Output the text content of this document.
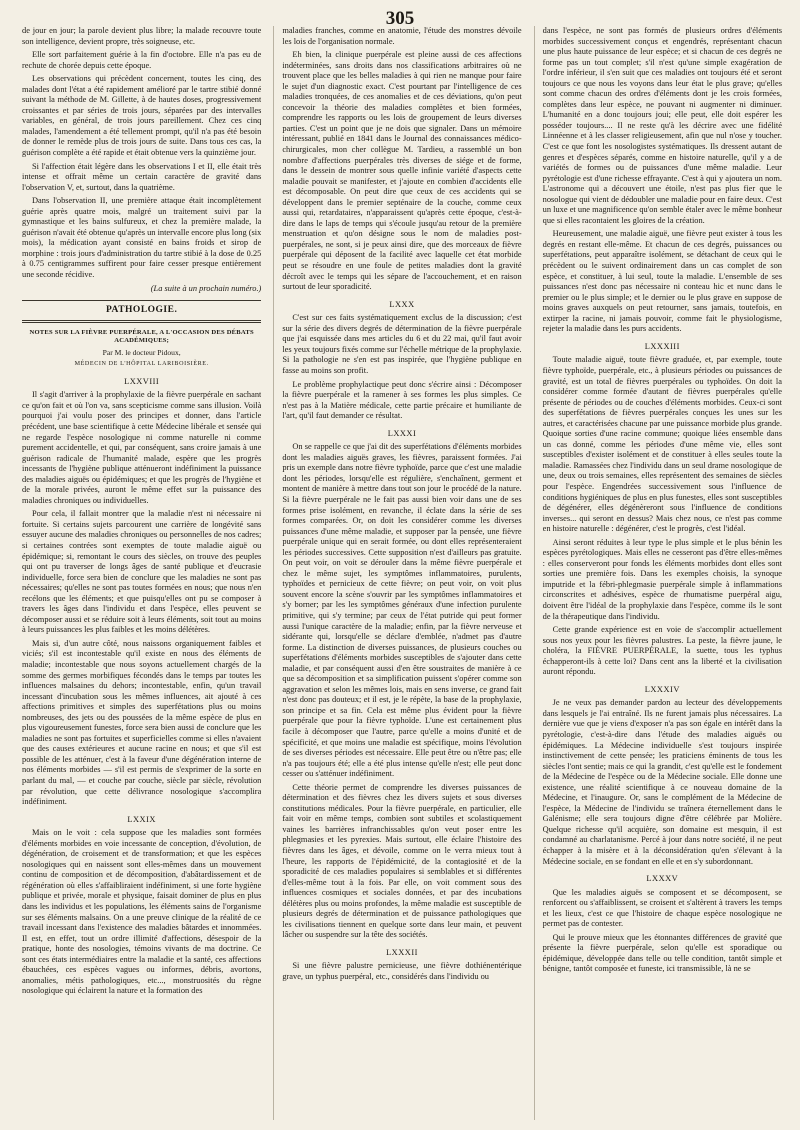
305

de jour en jour; la parole devient plus libre; la malade recouvre toute son intelligence, devient propre, très soigneuse, etc.

Elle sort parfaitement guérie à la fin d'octobre. Elle n'a pas eu de rechute de chorée depuis cette époque.

Les observations qui précèdent concernent, toutes les cinq, des malades dont l'état a été rapidement amélioré par le tartre stibié donné suivant la méthode de M. Gillette, à de hautes doses, progressivement croissantes et par séries de trois jours, séparées par des intervalles variables, en général, de trois jours pareillement. Chez ces cinq malades, l'amendement a été tellement prompt, qu'il n'a pas été besoin de donner le remède plus de trois jours de suite. Dans tous ces cas, la guérison complète a été rapide et était obtenue vers la quinzième jour.

Si l'affection était légère dans les observations I et II, elle était très intense et offrait même un certain caractère de gravité dans l'observation V, et, surtout, dans la quatrième.

Dans l'observation II, une première attaque était incomplètement guérie après quatre mois, malgré un traitement suivi par la gymnastique et les bains sulfureux, et chez la première malade, la guérison n'avait été obtenue qu'après un intervalle encore plus long (six mois), la médication ayant consisté en bains froids et sirop de morphine : trois jours d'administration du tartre stibié à la dose de 0.25 à 0.75 centigrammes suffirent pour faire cesser presque entièrement une seconde récidive.

(La suite à un prochain numéro.)

PATHOLOGIE.
NOTES SUR LA FIÈVRE PUERPÉRALE, A L'OCCASION DES DÉBATS ACADÉMIQUES;
Par M. le docteur Pidoux,
MÉDECIN DE L'HÔPITAL LARIBOISIÈRE.
LXXVIII

Il s'agit d'arriver à la prophylaxie de la fièvre puerpérale en sachant ce qu'on fait et où l'on va, sans scepticisme comme sans illusion. Voilà pourquoi j'ai voulu poser des principes et donner, dans l'article précédent, une base scientifique à cette Médecine libérale et sensée qui ne regarde l'espèce nosologique ni comme naturelle ni comme purement accidentelle, et qui, par conséquent, sans croire jamais à une guérison radicale de l'humanité malade, espère que les progrès incessants de l'hygiène publique atténueront indéfiniment la puissance des maladies aiguës ou épidémiques; et que les progrès de l'hygiène et de la morale privées, auront le même effet sur la puissance des maladies chroniques ou individuelles.

Pour cela, il fallait montrer que la maladie n'est ni nécessaire ni fortuite. Si certains sujets parcourent une carrière de longévité sans essuyer aucune des maladies chroniques ou personnelles de nos cadres; si certaines contrées sont exemptes de toute maladie aiguë ou épidémique; si, remontant le cours des siècles, on trouve des peuples qui ont pu traverser de longs âges de santé publique et d'eucrasie individuelle, force sera bien de conclure que les maladies ne sont pas nécessaires; qu'elles ne sont pas toutes formées en nous; que nous n'en recélons que les éléments; et que puisqu'elles ont pu se composer à travers les âges dans l'individu et dans l'espèce, elles peuvent se décomposer aussi et se réduire soit à leurs éléments, soit tout au moins à leurs puissances les plus faibles et les moins délétères.

Mais si, d'un autre côté, nous naissons organiquement faibles et viciés; s'il est incontestable qu'il existe en nous des éléments de maladie; incontestable que nous soyons actuellement chargés de la somme des germes morbifiques fécondés dans le temps par toutes les influences malsaines du dehors; incontestable, enfin, qu'un travail incessant d'incubation sous les mêmes influences, ait ajouté à ces affections primitives et simples des superfétations plus ou moins nombreuses, des jets ou des poussées de la même espèce de plus en plus vigoureusement funestes, force sera bien aussi de conclure que les maladies ne sont pas fortuites et superficielles comme si elles n'avaient que des causes extérieures et aucune racine en nous; et que s'il est possible de les atténuer, c'est à la faveur d'une dégénération interne de nos éléments morbides — s'il est permis de s'exprimer de la sorte en parlant du mal, — et couche par couche, siècle par siècle, révolution par révolution, que cette délivrance nosologique s'accomplira indéfiniment.

LXXIX

Mais on le voit : cela suppose que les maladies sont formées d'éléments morbides en voie incessante de conception, d'évolution, de dégénération, de croisement et de transformation; et que les espèces nosologiques qui en naissent sont elles-mêmes dans un mouvement continu de composition et de décomposition, d'abâtardissement et de régénération où elles s'affaibliraient indéfiniment, si une forte hygiène publique et privée, morale et physique, faisait dominer de plus en plus dans les individus et les populations, les éléments sains de l'organisme sur ses éléments malsains. On a une preuve clinique de la réalité de ce travail incessant dans l'existence des maladies bâtardes et innommées. Il est, en effet, tout un ordre illimité d'affections, désespoir de la pratique, honte des nosologies, témoins vivants de ma doctrine. Ce sont ces états intermédiaires entre la maladie et la santé, ces affections ébauchées, ces espèces vagues ou informes, débris, avortons, anomalies, métis pathologiques, etc..., monstruosités du règne nosologique qui éclairent la nature et la formation des

maladies franches, comme en anatomie, l'étude des monstres dévoile les lois de l'organisation normale.

Eh bien, la clinique puerpérale est pleine aussi de ces affections indéterminées, sans droits dans nos classifications arbitraires où ne trouvent place que les belles maladies à qui rien ne manque pour faire le sujet d'un diagnostic exact. C'est pourtant par l'intelligence de ces maladies tronquées, de ces anomalies et de ces déviations, qu'on peut concevoir la théorie des maladies complètes et bien formées, comprendre les rapports ou les lois de groupement de leurs diverses parties. C'est un point que je ne dois que signaler. Dans un mémoire intéressant, publié en 1841 dans le Journal des connaissances médico-chirurgicales, mon cher collègue M. Tardieu, a rassemblé un bon nombre d'affections puerpérales très diverses de siége et de forme, dans le dessein de montrer sous quelle infinie variété d'aspects cette maladie pouvait se manifester, et j'ajoute en combien d'accidents elle est décomposable. On peut dire que ceux de ces accidents qui se développent dans le premier septénaire de la couche, comme ceux aussi qui, retardataires, n'apparaissent qu'après cette époque, c'est-à-dire dans le laps de temps qui s'écoule jusqu'au retour de la première menstruation et qu'on désigne sous le nom de maladies post-puerpérales, ne sont, si je peux ainsi dire, que des morceaux de fièvre puerpérale qui déposent de la facilité avec laquelle cet état morbide peut se résoudre en une foule de petites maladies dont la gravité décroît avec le temps qui les sépare de l'accouchement, et en raison surtout de leur sporadicité.

LXXX

C'est sur ces faits systématiquement exclus de la discussion; c'est sur la série des divers degrés de détermination de la fièvre puerpérale que j'ai esquissée dans mes articles du 6 et du 22 mai, qu'il faut avoir les yeux toujours fixés comme sur l'échelle métrique de la prophylaxie. Si la pathologie ne s'en est pas inspirée, que l'hygiène publique en fasse au moins son profit.

Le problème prophylactique peut donc s'écrire ainsi : Décomposer la fièvre puerpérale et la ramener à ses formes les plus simples. Ce n'est pas à la Matière médicale, cette partie précaire et humiliante de l'art, qu'il faut demander ce résultat.

LXXXI

On se rappelle ce que j'ai dit des superfétations d'éléments morbides dont les maladies aiguës graves, les fièvres, paraissent formées. J'ai pris un exemple dans notre fièvre typhoïde, parce que c'est une maladie dont les périodes, lorsqu'elle est régulière, s'enchaînent, germent et montent de manière à mettre dans tout son jour le procédé de la nature. Si la fièvre puerpérale ne le fait pas aussi bien voir dans une de ses formes prise isolément, en revanche, il éclate dans la série de ses formes comparées. Or, on doit les considérer comme les diverses puissances d'une même maladie, et supposer par la pensée, une fièvre puerpérale unique qui en serait formée, ou dont elles représenteraient les périodes successives. Cette supposition n'est d'ailleurs pas gratuite. On peut voir, on voit se dérouler dans la même fièvre puerpérale et chez le même sujet, les symptômes inflammatoires, purulents, typhoïdes et pernicieux de cette fièvre; on peut voir, on voit plus souvent encore la scène s'ouvrir par les symptômes inflammatoires et s'y borner; par les les symptômes généraux d'une infection purulente primitive, qui s'y termine; par ceux de l'état putride qui peut former aussi l'unique caractère de la maladie; enfin, par la fièvre nerveuse et sidérante qui, lorsqu'elle se déclare d'emblée, n'admet pas d'autre forme. La distinction de diverses puissances, de plusieurs couches ou superfétations d'éléments morbides susceptibles de s'ajouter dans cette maladie, et par conséquent aussi d'en être soustraites de manière à ce que sa décomposition et sa simplification puissent s'opérer comme son aggravation et selon les mêmes lois, mais en sens inverse, ce grand fait n'est donc pas douteux; et il est, je le répète, la base de la prophylaxie, son principe et sa fin. Cela est même plus évident pour la fièvre puerpérale que pour la fièvre typhoïde. L'une est certainement plus facile à décomposer que l'autre, parce qu'elle a moins d'unité et de spécificité, et que moins une maladie est spécifique, moins l'évolution de ses diverses périodes est nécessaire. Elle peut être ou n'être pas; elle n'a pas toujours été; elle a été plus intense qu'elle n'est; elle peut donc cesser ou s'atténuer indéfiniment.

Cette théorie permet de comprendre les diverses puissances de détermination et des fièvres chez les divers sujets et sous diverses constitutions médicales. Pour la fièvre puerpérale, en particulier, elle fait voir en même temps, combien sont subtiles et scolastiquement vaines les barrières infranchissables qu'on veut poser entre les phlegmasies et les pyrexies. Mais surtout, elle éclaire l'histoire des fièvres dans les âges, et dévoile, comme on le verra mieux tout à l'heure, les rapports de l'épidémicité, de la contagiosité et de la sporadicité de ces maladies populaires si semblables et si différentes d'elles-même tout à la fois. Par elle, on voit comment sous des influences cosmiques et sociales données, et par des incubations délétères plus ou moins profondes, la même maladie est susceptible de plusieurs degrés de détermination et de puissance pathologiques que les civilisations tiennent en quelque sorte dans leur main, et peuvent lâcher ou suspendre sur la tête des sociétés.

LXXXII

Si une fièvre palustre pernicieuse, une fièvre dothiénentérique grave, un typhus puerpéral, etc., considérés dans l'individu ou

dans l'espèce, ne sont pas formés de plusieurs ordres d'éléments morbides successivement conçus et engendrés, représentant chacun une plus haute puissance de leur espèce; et si chacun de ces degrés ne forme pas un tout complet; s'il n'est qu'une simple exagération de l'ordre inférieur, il s'en suit que ces maladies ont toujours été et seront toujours ce que nous les voyons dans leur état le plus grave; qu'elles sont comme chacun des ordres d'éléments dont je les crois formées, complètes dans leur espèce, ne pouvant ni augmenter ni diminuer. L'humanité en a donc toujours joui; elle peut, elle doit espérer les posséder toujours.... Il ne reste qu'à les décrire avec une fidélité Linnéenne et à les classer religieusement, afin que nul n'ose y toucher. C'est ce que font les nosologistes systématiques. Ils dressent autant de genres et d'espèces séparés, comme en histoire naturelle, qu'il y a de variétés de formes ou de puissances d'une même maladie. Leur pyrétologie est d'une richesse effrayante. C'est à qui y ajoutera un nom. L'astronome qui a découvert une étoile, n'est pas plus fier que le nosologue qui vient de dédoubler une maladie pour en faire deux. C'est un luxe et une magnificence qu'on semble étaler avec le même bonheur que si elles racontaient les gloires de la création.

Heureusement, une maladie aiguë, une fièvre peut exister à tous les degrés en restant elle-même. Et chacun de ces degrés, puissances ou superfétations, peut apparaître isolément, se détachant de ceux qui le précèdent ou le suivent ordinairement dans un cas complet de son espèce, et constituer, à lui seul, toute la maladie. L'ensemble de ses puissances n'est donc pas nécessaire ni conteau hic et nunc dans le premier ou le plus simple; et le dernier ou le plus grave en suppose de moins graves auxquels on peut retourner, sans jamais, toutefois, en extirper la racine, ni jamais pouvoir, comme fait le physiologisme, rejeter la maladie dans les purs accidents.

LXXXIII

Toute maladie aiguë, toute fièvre graduée, et, par exemple, toute fièvre typhoïde, puerpérale, etc., à plusieurs périodes ou puissances de gravité, est un total de fièvres puerpérales ou typhoïdes. On doit la considérer comme formée d'autant de fièvres puerpérales qu'elle présente de périodes ou de couches d'éléments morbides. Ceux-ci sont des superfétations de fièvres puerpérales conçues les unes sur les autres, et caractérisées chacune par une puissance morbide plus grande. Quoique sorties d'une racine commune; quoique liées ensemble dans un cas donné, comme les périodes d'une même vie, elles sont susceptibles d'exister isolément et de constituer à elles seules toute la maladie. Ramassées chez l'individu dans un seul drame nosologique de une, deux ou trois semaines, elles représentent des semaines de siècles pour l'espèce. Engendrées successivement sous l'influence de conditions hygiéniques de plus en plus funestes, elles sont susceptibles de dégénérer, elles dégénèreront sous l'influence de conditions inverses... qui seront en dessus? Mais chez nous, ce n'est pas comme en histoire naturelle : dégénérer, c'est le progrès, c'est l'idéal.

Ainsi seront réduites à leur type le plus simple et le plus bénin les espèces pyrétologiques. Mais elles ne cesseront pas d'être elles-mêmes : elles conserveront pour fonds les éléments morbides dont elles sont sorties une première fois. Dans les exemples choisis, la synoque imputride et la fébri-phlegmasie puerpérale simple à inflammations circonscrites et adhésives, espèce de rhumatisme puerpéral aigu, doivent être l'idéal de la prophylaxie dans l'espèce, comme ils le sont de la thérapeutique dans l'individu.

Cette grande expérience est en voie de s'accomplir actuellement sous nos yeux pour les fièvres palustres. La peste, la fièvre jaune, le choléra, la FIÈVRE PUERPÉRALE, la suette, tous les typhus échapperont-ils à cette loi? Dans cent ans la liberté et la civilisation auront répondu.

LXXXIV

Je ne veux pas demander pardon au lecteur des développements dans lesquels je l'ai entraîné. Ils ne furent jamais plus nécessaires. La dernière vue que je viens d'exposer n'a pas son égale en intérêt dans la pyrétologie, c'est-à-dire dans l'étude des maladies aiguës ou épidémiques. La Médecine individuelle s'est toujours inspirée instinctivement de cette pensée; les praticiens éminents de tous les siècles l'ont sentie; mais ce qui la grandit, c'est qu'elle est le fondement de la Médecine de l'espèce ou de la Médecine sociale. Elle donne une existence, une réalité scientifique à ce nouveau domaine de la Médecine, et l'inaugure. Or, sans le complément de la Médecine de l'espèce, la Médecine de l'individu se traînera éternellement dans le Galénisme; elle sera toujours digne d'être célébrée par Molière. Quelque richesse qu'il acquière, son domaine est mesquin, il est condamné au charlatanisme. Percé à jour dans notre société, il ne peut échapper à la misère et à la déconsidération qu'en s'élevant à la Médecine sociale, en se fondant en elle et en s'y subordonnant.

LXXXV

Que les maladies aiguës se composent et se décomposent, se renforcent ou s'affaiblissent, se croisent et s'altèrent à travers les temps et les lieux, c'est ce que l'histoire de chaque espèce nosologique ne permet pas de contester.

Qui le prouve mieux que les étonnantes différences de gravité que présente la fièvre puerpérale, selon qu'elle est sporadique ou épidémique, développée dans telle ou telle condition, tantôt simple et bénigne, tantôt composée et funeste, ici transmissible, là ne se
